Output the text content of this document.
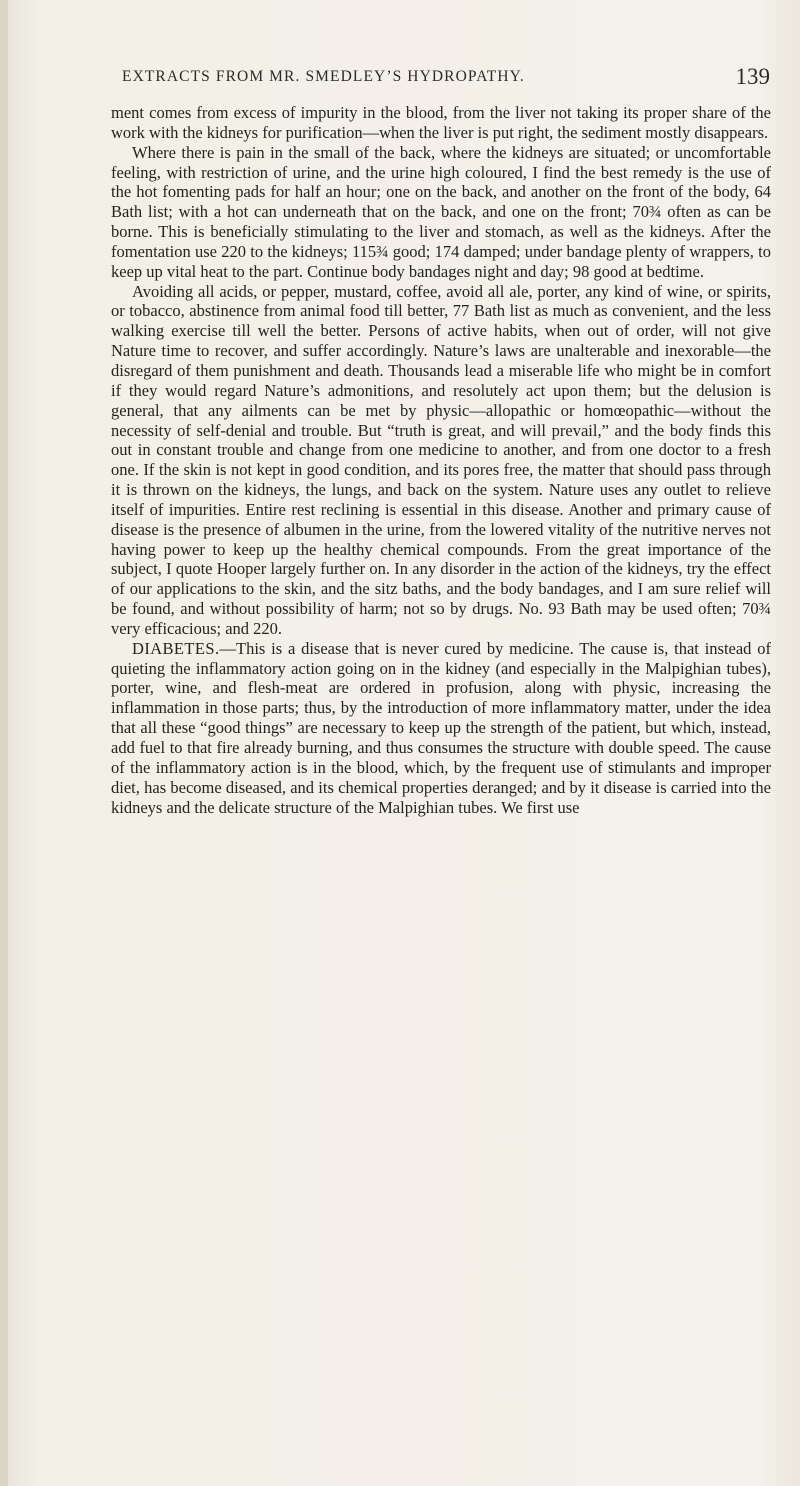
EXTRACTS FROM MR. SMEDLEY’S HYDROPATHY.	139

ment comes from excess of impurity in the blood, from the liver not taking its proper share of the work with the kidneys for purification—when the liver is put right, the sediment mostly disappears.

Where there is pain in the small of the back, where the kidneys are situated; or uncomfortable feeling, with restriction of urine, and the urine high coloured, I find the best remedy is the use of the hot fomenting pads for half an hour; one on the back, and another on the front of the body, 64 Bath list; with a hot can underneath that on the back, and one on the front; 70¾ often as can be borne. This is beneficially stimulating to the liver and stomach, as well as the kidneys. After the fomentation use 220 to the kidneys; 115¾ good; 174 damped; under bandage plenty of wrappers, to keep up vital heat to the part. Continue body bandages night and day; 98 good at bedtime.

Avoiding all acids, or pepper, mustard, coffee, avoid all ale, porter, any kind of wine, or spirits, or tobacco, abstinence from animal food till better, 77 Bath list as much as convenient, and the less walking exercise till well the better. Persons of active habits, when out of order, will not give Nature time to recover, and suffer accordingly. Nature’s laws are unalterable and inexorable—the disregard of them punishment and death. Thousands lead a miserable life who might be in comfort if they would regard Nature’s admonitions, and resolutely act upon them; but the delusion is general, that any ailments can be met by physic—allopathic or homœopathic—without the necessity of self-denial and trouble. But “truth is great, and will prevail,” and the body finds this out in constant trouble and change from one medicine to another, and from one doctor to a fresh one. If the skin is not kept in good condition, and its pores free, the matter that should pass through it is thrown on the kidneys, the lungs, and back on the system. Nature uses any outlet to relieve itself of impurities. Entire rest reclining is essential in this disease. Another and primary cause of disease is the presence of albumen in the urine, from the lowered vitality of the nutritive nerves not having power to keep up the healthy chemical compounds. From the great importance of the subject, I quote Hooper largely further on. In any disorder in the action of the kidneys, try the effect of our applications to the skin, and the sitz baths, and the body bandages, and I am sure relief will be found, and without possibility of harm; not so by drugs. No. 93 Bath may be used often; 70¾ very efficacious; and 220.

DIABETES.—This is a disease that is never cured by medicine. The cause is, that instead of quieting the inflammatory action going on in the kidney (and especially in the Malpighian tubes), porter, wine, and flesh-meat are ordered in profusion, along with physic, increasing the inflammation in those parts; thus, by the introduction of more inflammatory matter, under the idea that all these “good things” are necessary to keep up the strength of the patient, but which, instead, add fuel to that fire already burning, and thus consumes the structure with double speed. The cause of the inflammatory action is in the blood, which, by the frequent use of stimulants and improper diet, has become diseased, and its chemical properties deranged; and by it disease is carried into the kidneys and the delicate structure of the Malpighian tubes. We first use
